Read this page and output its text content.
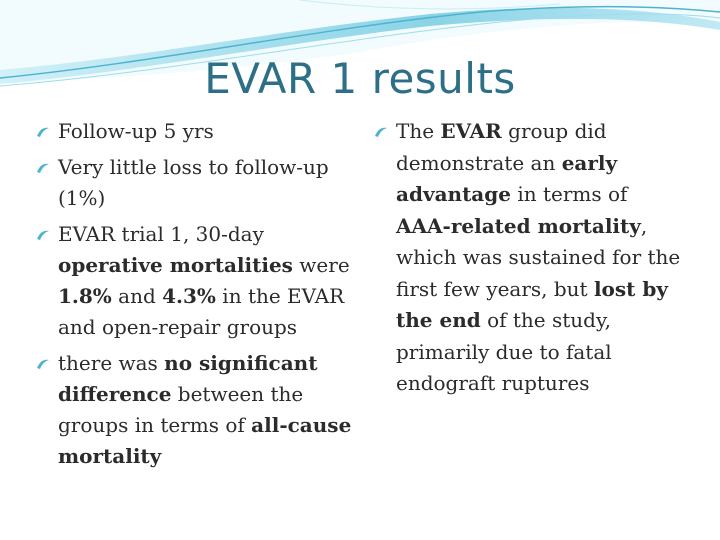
EVAR 1 results

Follow-up 5 yrs

Very little loss to follow-up (1%)

EVAR trial 1, 30-day operative mortalities were 1.8% and 4.3% in the EVAR and open-repair groups

there was no significant difference between the groups in terms of all-cause mortality

The EVAR group did demonstrate an early advantage in terms of AAA-related mortality, which was sustained for the first few years, but lost by the end of the study, primarily due to fatal endograft ruptures
